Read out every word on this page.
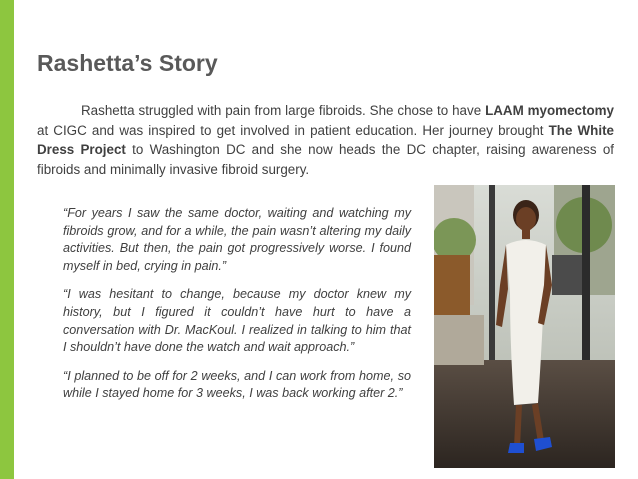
Rashetta’s Story

Rashetta struggled with pain from large fibroids. She chose to have LAAM myomectomy at CIGC and was inspired to get involved in patient education. Her journey brought The White Dress Project to Washington DC and she now heads the DC chapter, raising awareness of fibroids and minimally invasive fibroid surgery.

“For years I saw the same doctor, waiting and watching my fibroids grow, and for a while, the pain wasn’t altering my daily activities. But then, the pain got progressively worse. I found myself in bed, crying in pain.”

“I was hesitant to change, because my doctor knew my history, but I figured it couldn’t have hurt to have a conversation with Dr. MacKoul. I realized in talking to him that I shouldn’t have done the watch and wait approach.”

“I planned to be off for 2 weeks, and I can work from home, so while I stayed home for 3 weeks, I was back working after 2.”
